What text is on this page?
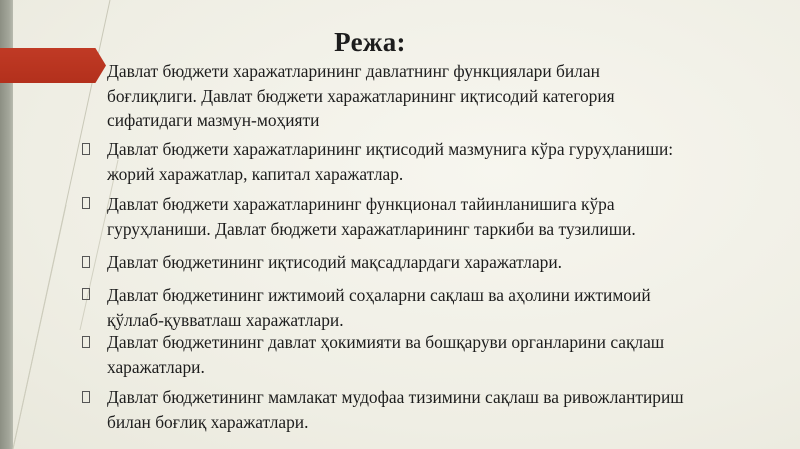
Режа:
Давлат бюджети харажатларининг давлатнинг функциялари билан
боғлиқлиги. Давлат бюджети харажатларининг иқтисодий категория
сифатидаги мазмун-моҳияти
Давлат бюджети харажатларининг иқтисодий мазмунига кўра гуруҳланиши:
жорий харажатлар, капитал харажатлар.
Давлат бюджети харажатларининг функционал тайинланишига кўра
гуруҳланиши. Давлат бюджети харажатларининг таркиби ва тузилиши.
Давлат бюджетининг иқтисодий мақсадлардаги харажатлари.
Давлат бюджетининг ижтимоий соҳаларни сақлаш ва аҳолини ижтимоий
қўллаб-қувватлаш харажатлари.
Давлат бюджетининг давлат ҳокимияти ва бошқаруви органларини сақлаш
харажатлари.
Давлат бюджетининг мамлакат мудофаа тизимини сақлаш ва ривожлантириш
билан боғлиқ харажатлари.
